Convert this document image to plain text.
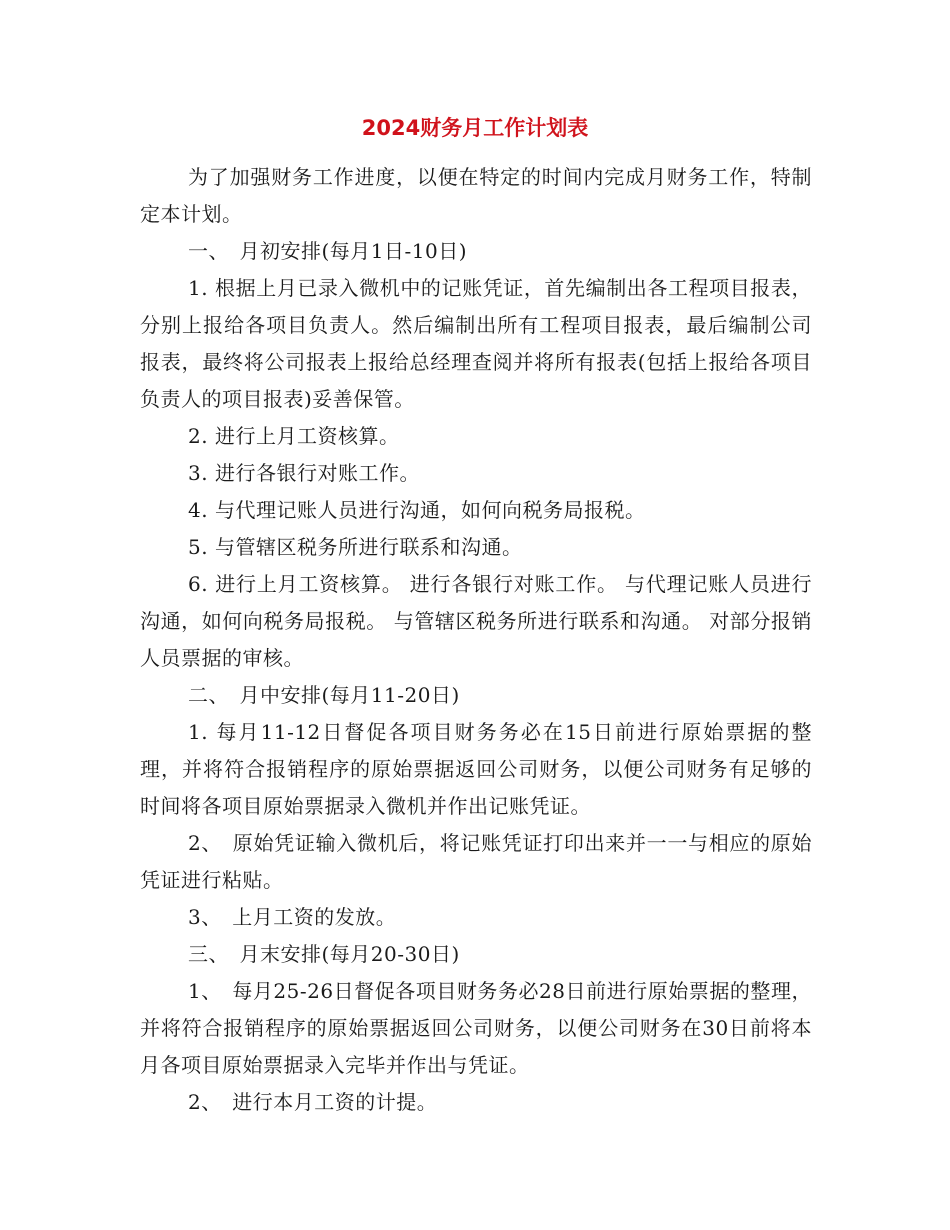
2024财务月工作计划表

为了加强财务工作进度，以便在特定的时间内完成月财务工作，特制定本计划。

一、　月初安排(每月1日-10日)

1. 根据上月已录入微机中的记账凭证，首先编制出各工程项目报表，分别上报给各项目负责人。然后编制出所有工程项目报表，最后编制公司报表，最终将公司报表上报给总经理查阅并将所有报表(包括上报给各项目负责人的项目报表)妥善保管。

2. 进行上月工资核算。

3. 进行各银行对账工作。

4. 与代理记账人员进行沟通，如何向税务局报税。

5. 与管辖区税务所进行联系和沟通。

6. 进行上月工资核算。 进行各银行对账工作。 与代理记账人员进行沟通，如何向税务局报税。 与管辖区税务所进行联系和沟通。 对部分报销人员票据的审核。

二、　月中安排(每月11-20日)

1. 每月11-12日督促各项目财务务必在15日前进行原始票据的整理，并将符合报销程序的原始票据返回公司财务，以便公司财务有足够的时间将各项目原始票据录入微机并作出记账凭证。

2、　原始凭证输入微机后，将记账凭证打印出来并一一与相应的原始凭证进行粘贴。

3、　上月工资的发放。

三、　月末安排(每月20-30日)

1、　每月25-26日督促各项目财务务必28日前进行原始票据的整理，并将符合报销程序的原始票据返回公司财务，以便公司财务在30日前将本月各项目原始票据录入完毕并作出与凭证。

2、　进行本月工资的计提。
